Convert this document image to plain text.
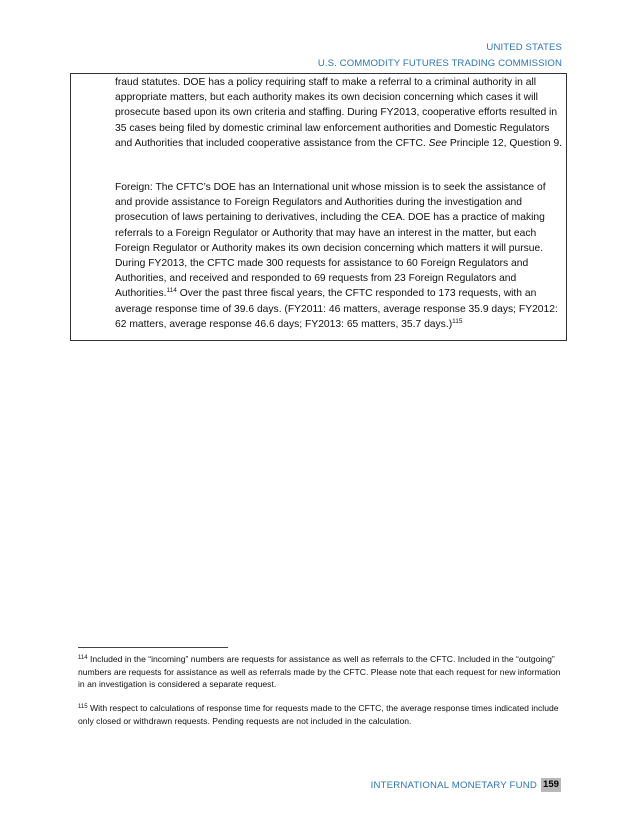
UNITED STATES
U.S. COMMODITY FUTURES TRADING COMMISSION
fraud statutes. DOE has a policy requiring staff to make a referral to a criminal authority in all appropriate matters, but each authority makes its own decision concerning which cases it will prosecute based upon its own criteria and staffing. During FY2013, cooperative efforts resulted in 35 cases being filed by domestic criminal law enforcement authorities and Domestic Regulators and Authorities that included cooperative assistance from the CFTC. See Principle 12, Question 9.
Foreign: The CFTC’s DOE has an International unit whose mission is to seek the assistance of and provide assistance to Foreign Regulators and Authorities during the investigation and prosecution of laws pertaining to derivatives, including the CEA. DOE has a practice of making referrals to a Foreign Regulator or Authority that may have an interest in the matter, but each Foreign Regulator or Authority makes its own decision concerning which matters it will pursue. During FY2013, the CFTC made 300 requests for assistance to 60 Foreign Regulators and Authorities, and received and responded to 69 requests from 23 Foreign Regulators and Authorities.$^{114}$ Over the past three fiscal years, the CFTC responded to 173 requests, with an average response time of 39.6 days. (FY2011: 46 matters, average response 35.9 days; FY2012: 62 matters, average response 46.6 days; FY2013: 65 matters, 35.7 days.)$^{115}$
$^{114}$ Included in the “incoming” numbers are requests for assistance as well as referrals to the CFTC. Included in the “outgoing” numbers are requests for assistance as well as referrals made by the CFTC. Please note that each request for new information in an investigation is considered a separate request.
$^{115}$ With respect to calculations of response time for requests made to the CFTC, the average response times indicated include only closed or withdrawn requests. Pending requests are not included in the calculation.
INTERNATIONAL MONETARY FUND 159
